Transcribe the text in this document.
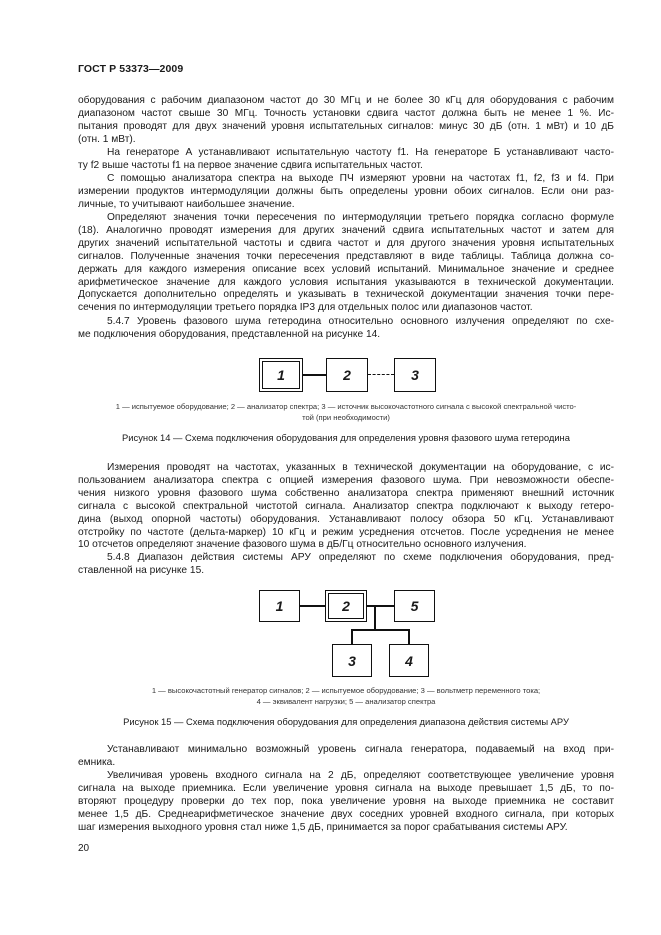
ГОСТ Р 53373—2009
оборудования с рабочим диапазоном частот до 30 МГц и не более 30 кГц для оборудования с рабочим
диапазоном частот свыше 30 МГц. Точность установки сдвига частот должна быть не менее 1 %. Ис-
пытания проводят для двух значений уровня испытательных сигналов: минус 30 дБ (отн. 1 мВт) и 10 дБ
(отн. 1 мВт).
На генераторе А устанавливают испытательную частоту f1. На генераторе Б устанавливают часто-
ту f2 выше частоты f1 на первое значение сдвига испытательных частот.
С помощью анализатора спектра на выходе ПЧ измеряют уровни на частотах f1, f2, f3 и f4. При
измерении продуктов интермодуляции должны быть определены уровни обоих сигналов. Если они раз-
личные, то учитывают наибольшее значение.
Определяют значения точки пересечения по интермодуляции третьего порядка согласно формуле
(18). Аналогично проводят измерения для других значений сдвига испытательных частот и затем для
других значений испытательной частоты и сдвига частот и для другого значения уровня испытательных
сигналов. Полученные значения точки пересечения представляют в виде таблицы. Таблица должна со-
держать для каждого измерения описание всех условий испытаний. Минимальное значение и среднее
арифметическое значение для каждого условия испытания указываются в технической документации.
Допускается дополнительно определять и указывать в технической документации значения точки пере-
сечения по интермодуляции третьего порядка IP3 для отдельных полос или диапазонов частот.
5.4.7 Уровень фазового шума гетеродина относительно основного излучения определяют по схе-
ме подключения оборудования, представленной на рисунке 14.
1	2	3
1 — испытуемое оборудование; 2 — анализатор спектра; 3 — источник высокочастотного сигнала с высокой спектральной чисто-
той (при необходимости)
Рисунок 14 — Схема подключения оборудования для определения уровня фазового шума гетеродина
Измерения проводят на частотах, указанных в технической документации на оборудование, с ис-
пользованием анализатора спектра с опцией измерения фазового шума. При невозможности обеспе-
чения низкого уровня фазового шума собственно анализатора спектра применяют внешний источник
сигнала с высокой спектральной чистотой сигнала. Анализатор спектра подключают к выходу гетеро-
дина (выход опорной частоты) оборудования. Устанавливают полосу обзора 50 кГц. Устанавливают
отстройку по частоте (дельта-маркер) 10 кГц и режим усреднения отсчетов. После усреднения не менее
10 отсчетов определяют значение фазового шума в дБ/Гц относительно основного излучения.
5.4.8 Диапазон действия системы АРУ определяют по схеме подключения оборудования, пред-
ставленной на рисунке 15.
1	2	5
3	4
1 — высокочастотный генератор сигналов; 2 — испытуемое оборудование; 3 — вольтметр переменного тока;
4 — эквивалент нагрузки; 5 — анализатор спектра
Рисунок 15 — Схема подключения оборудования для определения диапазона действия системы АРУ
Устанавливают минимально возможный уровень сигнала генератора, подаваемый на вход при-
емника.
Увеличивая уровень входного сигнала на 2 дБ, определяют соответствующее увеличение уровня
сигнала на выходе приемника. Если увеличение уровня сигнала на выходе превышает 1,5 дБ, то по-
вторяют процедуру проверки до тех пор, пока увеличение уровня на выходе приемника не составит
менее 1,5 дБ. Среднеарифметическое значение двух соседних уровней входного сигнала, при которых
шаг измерения выходного уровня стал ниже 1,5 дБ, принимается за порог срабатывания системы АРУ.
20
